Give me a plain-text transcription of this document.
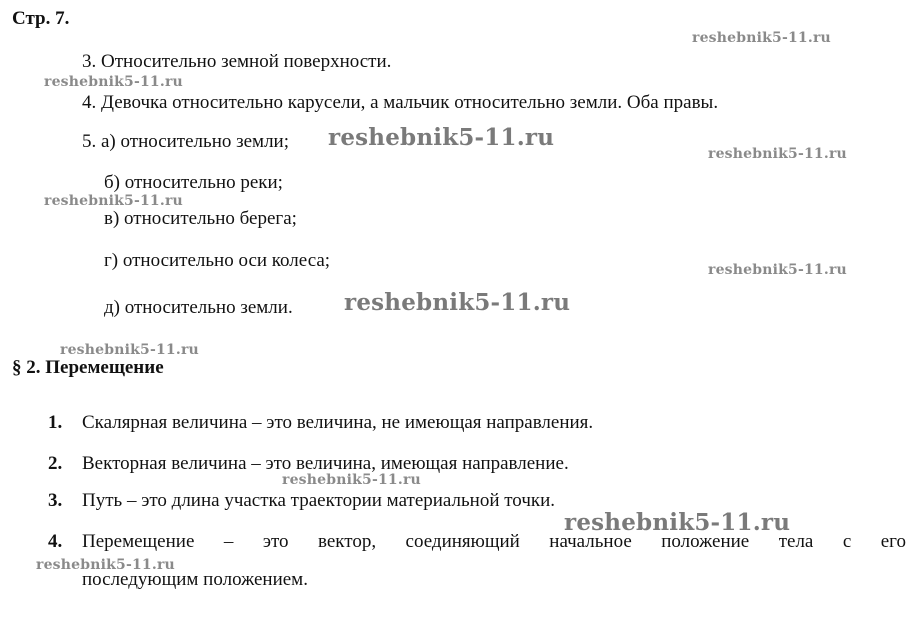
Стр. 7.
3. Относительно земной поверхности.
4. Девочка относительно карусели, а мальчик относительно земли. Оба правы.
5. а) относительно земли;
б) относительно реки;
в) относительно берега;
г) относительно оси колеса;
д) относительно земли.
§ 2. Перемещение
1. Скалярная величина – это величина, не имеющая направления.
2. Векторная величина – это величина, имеющая направление.
3. Путь – это длина участка траектории материальной точки.
4. Перемещение – это вектор, соединяющий начальное положение тела с его
последующим положением.
reshebnik5-11.ru
reshebnik5-11.ru
reshebnik5-11.ru
reshebnik5-11.ru
reshebnik5-11.ru
reshebnik5-11.ru
reshebnik5-11.ru
reshebnik5-11.ru
reshebnik5-11.ru
reshebnik5-11.ru
reshebnik5-11.ru
